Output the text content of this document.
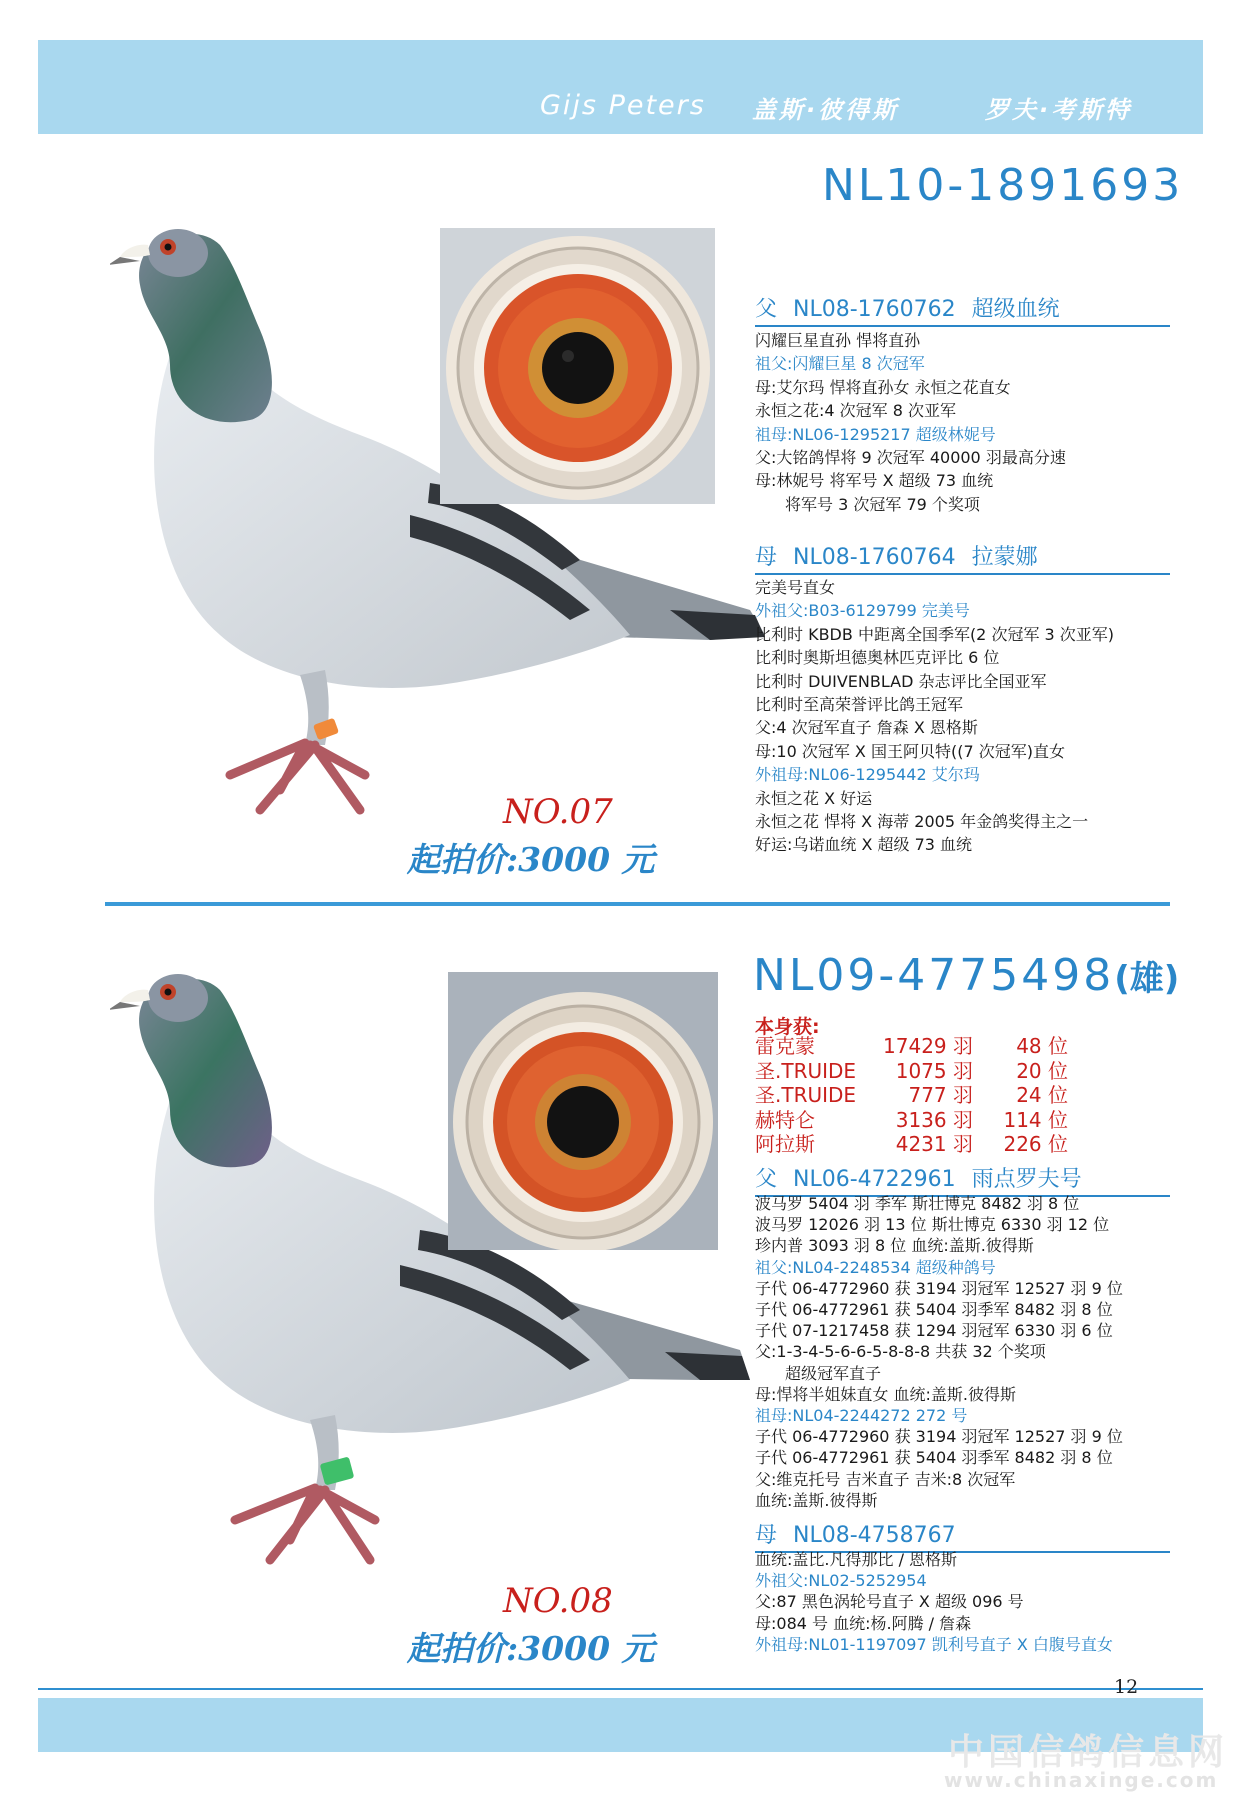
Gijs Peters 盖斯·彼得斯	罗夫·考斯特
NL10-1891693
父 NL08-1760762 超级血统
闪耀巨星直孙 悍将直孙
祖父:闪耀巨星 8 次冠军
母:艾尔玛 悍将直孙女 永恒之花直女
永恒之花:4 次冠军 8 次亚军
祖母:NL06-1295217 超级林妮号
父:大铭鸽悍将 9 次冠军 40000 羽最高分速
母:林妮号 将军号 X 超级 73 血统
将军号 3 次冠军 79 个奖项
母 NL08-1760764 拉蒙娜
完美号直女
外祖父:B03-6129799 完美号
比利时 KBDB 中距离全国季军(2 次冠军 3 次亚军)
比利时奥斯坦德奥林匹克评比 6 位
比利时 DUIVENBLAD 杂志评比全国亚军
比利时至高荣誉评比鸽王冠军
父:4 次冠军直子 詹森 X 恩格斯
母:10 次冠军 X 国王阿贝特((7 次冠军)直女
外祖母:NL06-1295442 艾尔玛
永恒之花 X 好运
永恒之花 悍将 X 海蒂 2005 年金鸽奖得主之一
好运:乌诺血统 X 超级 73 血统
NO.07
起拍价:3000 元
NL09-4775498(雄)
本身获:
雷克蒙	17429 羽	48 位
圣.TRUIDE	1075 羽	20 位
圣.TRUIDE	777 羽	24 位
赫特仑	3136 羽	114 位
阿拉斯	4231 羽	226 位
父 NL06-4722961 雨点罗夫号
波马罗 5404 羽 季军 斯壮博克 8482 羽 8 位
波马罗 12026 羽 13 位 斯壮博克 6330 羽 12 位
珍内普 3093 羽 8 位 血统:盖斯.彼得斯
祖父:NL04-2248534 超级种鸽号
子代 06-4772960 获 3194 羽冠军 12527 羽 9 位
子代 06-4772961 获 5404 羽季军 8482 羽 8 位
子代 07-1217458 获 1294 羽冠军 6330 羽 6 位
父:1-3-4-5-6-6-5-8-8-8 共获 32 个奖项
超级冠军直子
母:悍将半姐妹直女 血统:盖斯.彼得斯
祖母:NL04-2244272 272 号
子代 06-4772960 获 3194 羽冠军 12527 羽 9 位
子代 06-4772961 获 5404 羽季军 8482 羽 8 位
父:维克托号 吉米直子 吉米:8 次冠军
血统:盖斯.彼得斯
母 NL08-4758767
血统:盖比.凡得那比 / 恩格斯
外祖父:NL02-5252954
父:87 黑色涡轮号直子 X 超级 096 号
母:084 号 血统:杨.阿腾 / 詹森
外祖母:NL01-1197097 凯利号直子 X 白腹号直女
NO.08
起拍价:3000 元
12
中国信鸽信息网
www.chinaxinge.com
